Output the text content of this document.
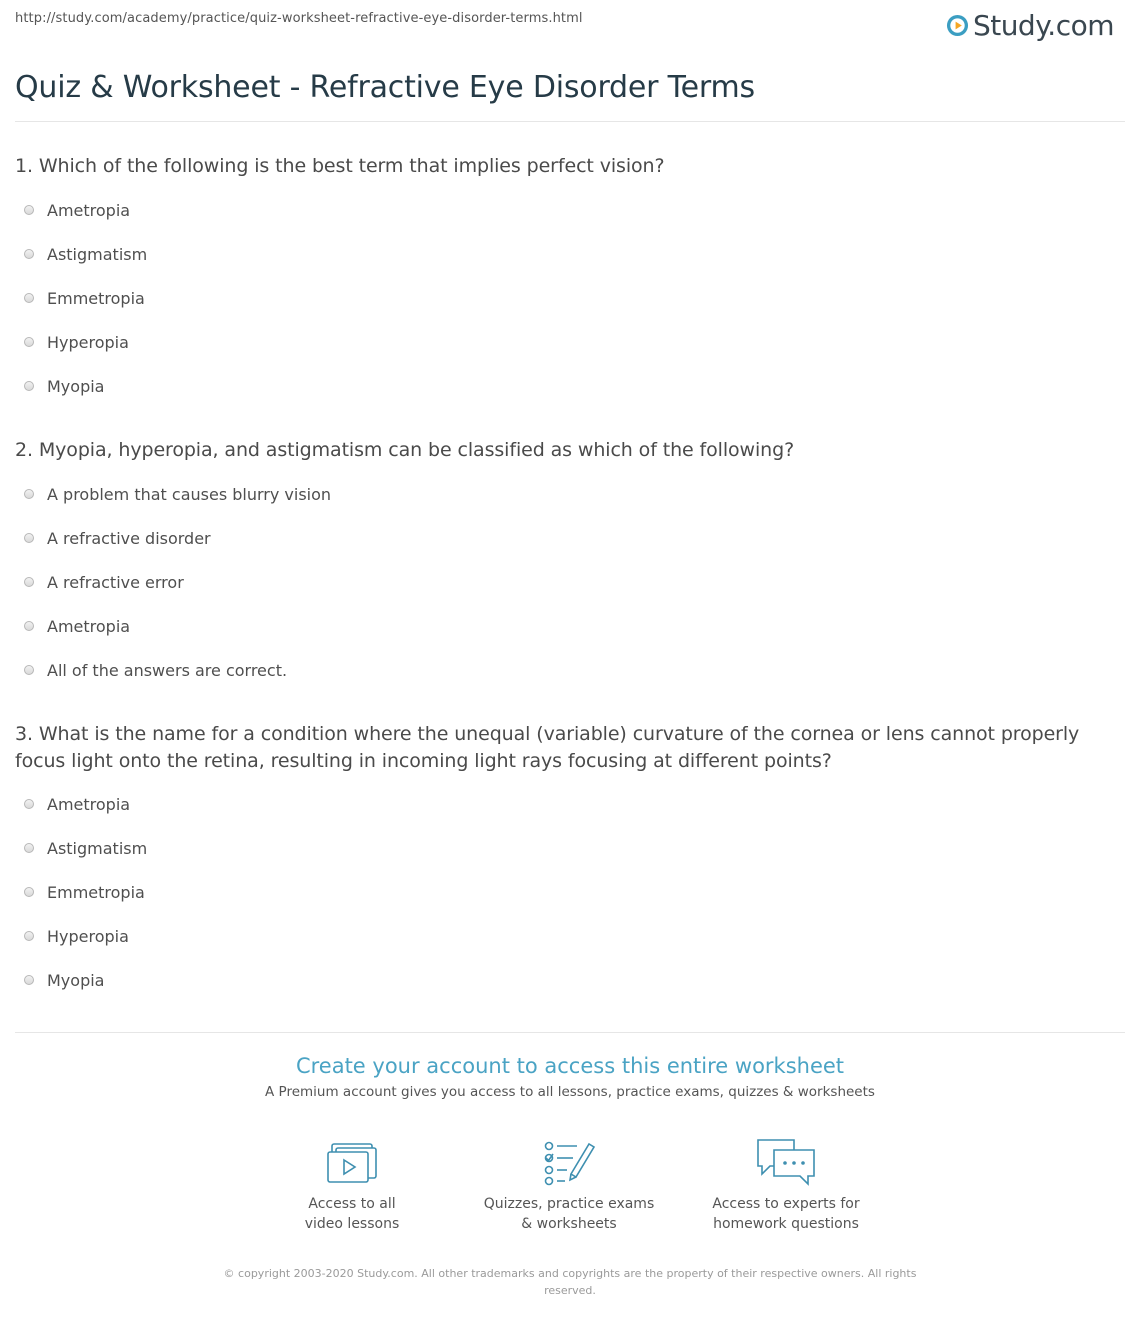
http://study.com/academy/practice/quiz-worksheet-refractive-eye-disorder-terms.html	Study.com
Quiz & Worksheet - Refractive Eye Disorder Terms

1. Which of the following is the best term that implies perfect vision?

Ametropia
Astigmatism
Emmetropia
Hyperopia
Myopia

2. Myopia, hyperopia, and astigmatism can be classified as which of the following?

A problem that causes blurry vision
A refractive disorder
A refractive error
Ametropia
All of the answers are correct.

3. What is the name for a condition where the unequal (variable) curvature of the cornea or lens cannot properly focus light onto the retina, resulting in incoming light rays focusing at different points?

Ametropia
Astigmatism
Emmetropia
Hyperopia
Myopia

Create your account to access this entire worksheet

A Premium account gives you access to all lessons, practice exams, quizzes & worksheets
Access to all
video lessons
Quizzes, practice exams
& worksheets
Access to experts for
homework questions
© copyright 2003-2020 Study.com. All other trademarks and copyrights are the property of their respective owners. All rights reserved.
